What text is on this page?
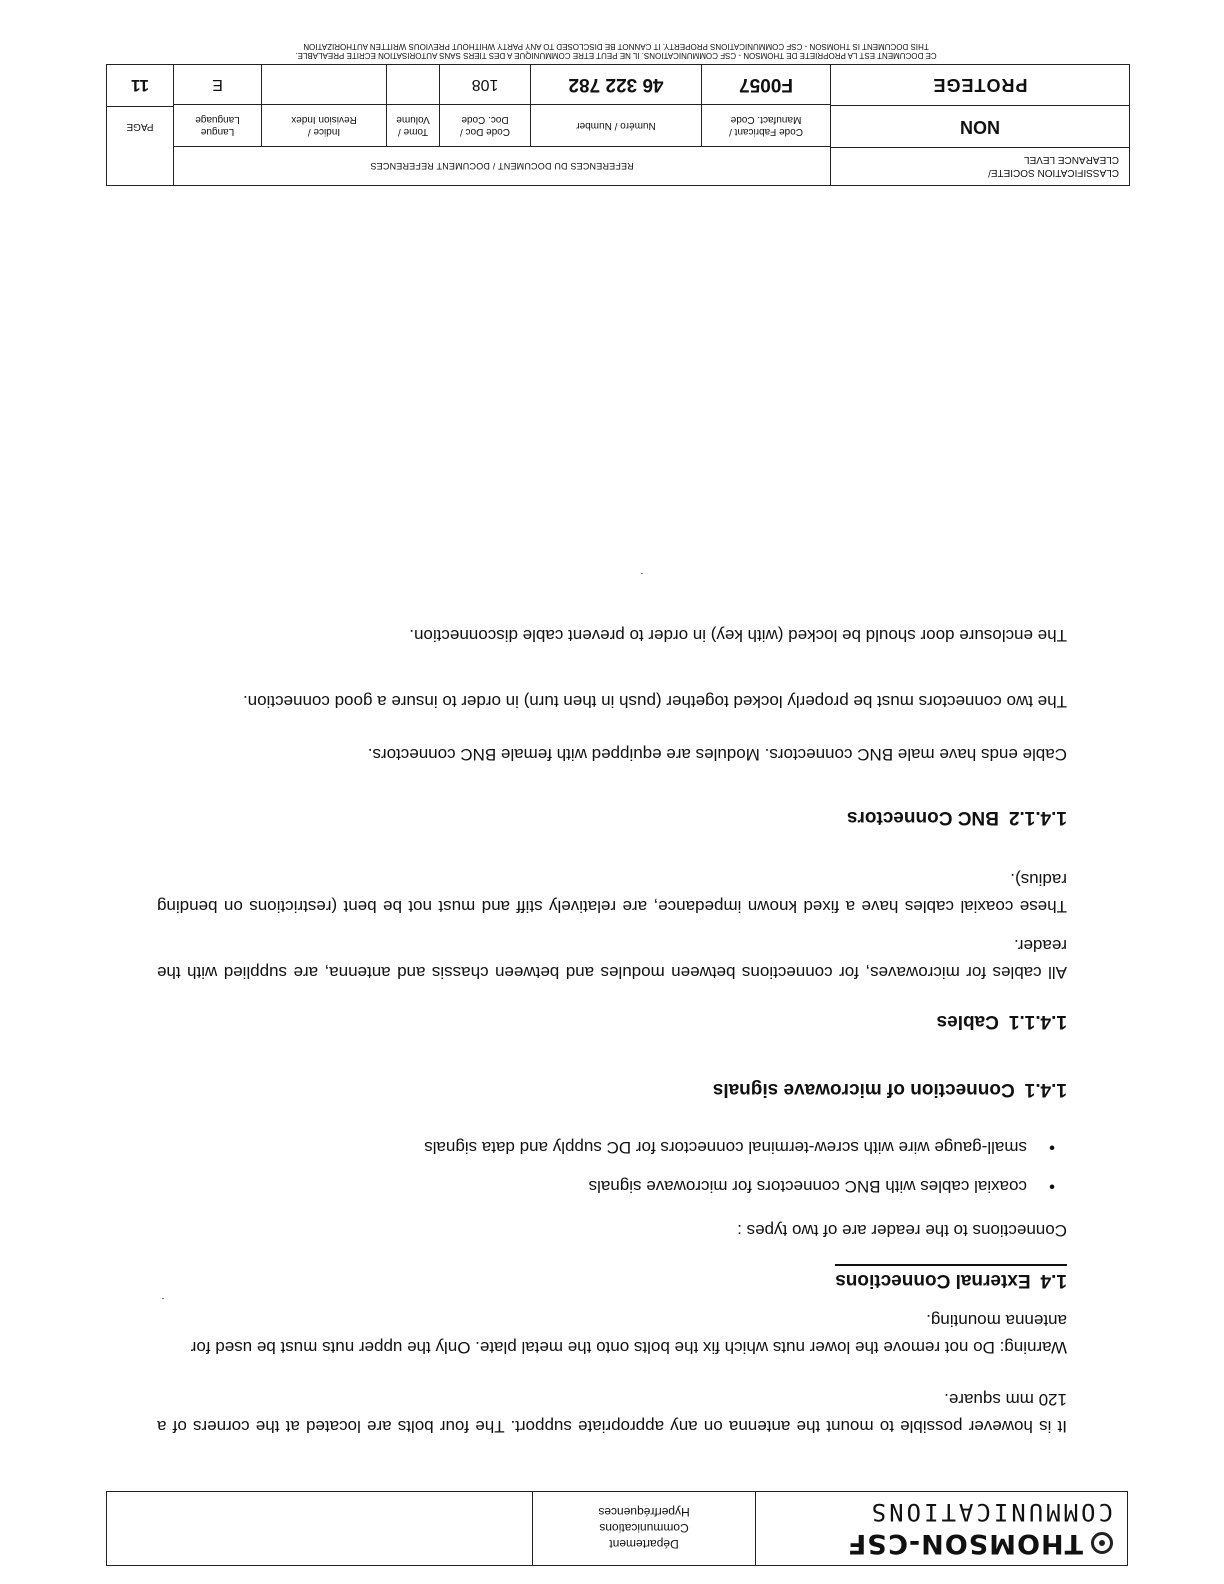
THOMSON-CSF
COMMUNICATIONS
Département
Communications
Hyperfréquences

It is however possible to mount the antenna on any appropriate support. The four bolts are located at the corners of a 120 mm square.

Warning: Do not remove the lower nuts which fix the bolts onto the metal plate. Only the upper nuts must be used for antenna mounting.

1.4External Connections

Connections to the reader are of two types :

• coaxial cables with BNC connectors for microwave signals
• small-gauge wire with screw-terminal connectors for DC supply and data signals
1.4.1Connection of microwave signals
1.4.1.1Cables

All cables for microwaves, for connections between modules and between chassis and antenna, are supplied with the reader.

These coaxial cables have a fixed known impedance, are relatively stiff and must not be bent (restrictions on bending radius).

1.4.1.2BNC Connectors

Cable ends have male BNC connectors. Modules are equipped with female BNC connectors.

The two connectors must be properly locked together (push in then turn) in order to insure a good connection.

The enclosure door should be locked (with key) in order to prevent cable disconnection.

CLASSIFICATION SOCIETE/
CLEARANCE LEVEL
NON
PROTEGE
REFERENCES DU DOCUMENT / DOCUMENT REFERENCES
Code Fabricant /
Manufact. Code
F0057
Numéro / Number
46 322 782
Code Doc /
Doc. Code
108
Tome /
Volume
Indice /
Revision Index
Langue
Language
E
PAGE
11
CE DOCUMENT EST LA PROPRIETE DE THOMSON - CSF COMMUNICATIONS. IL NE PEUT ETRE COMMUNIQUE A DES TIERS SANS AUTORISATION ECRITE PREALABLE.
THIS DOCUMENT IS THOMSON - CSF COMMUNICATIONS PROPERTY. IT CANNOT BE DISCLOSED TO ANY PARTY WHITHOUT PREVIOUS WRITTEN AUTHORIZATION
